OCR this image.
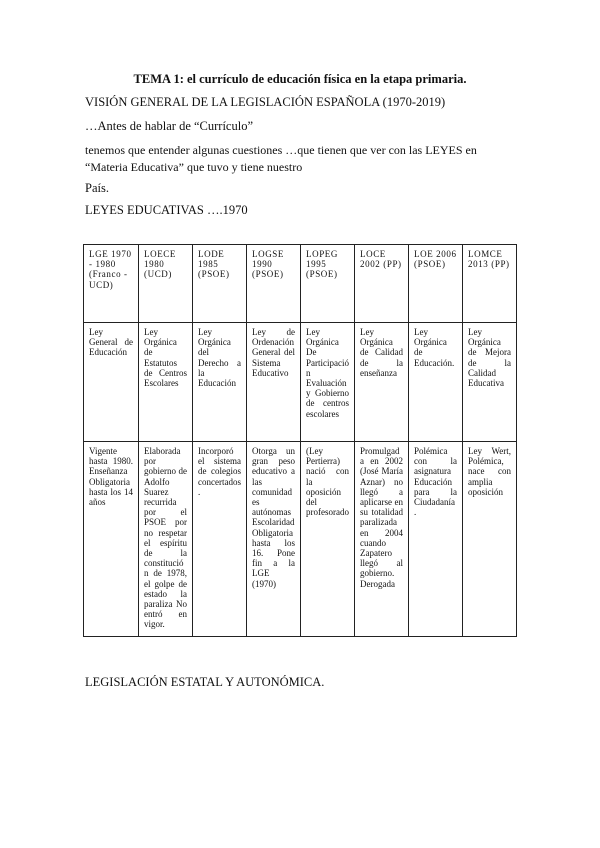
TEMA 1: el currículo de educación física en la etapa primaria.
VISIÓN GENERAL DE LA LEGISLACIÓN ESPAÑOLA (1970-2019)
…Antes de hablar de “Currículo”
tenemos que entender algunas cuestiones …que tienen que ver con las LEYES en “Materia Educativa” que tuvo y tiene nuestro
País.
LEYES EDUCATIVAS ….1970
LGE 1970 - 1980 (Franco - UCD)	LOECE 1980 (UCD)	LODE 1985 (PSOE)	LOGSE 1990 (PSOE)	LOPEG 1995 (PSOE)	LOCE 2002 (PP)	LOE 2006 (PSOE)	LOMCE 2013 (PP)
Ley General de Educación	Ley Orgánica de Estatutos de Centros Escolares	Ley Orgánica del Derecho a la Educación	Ley de Ordenación General del Sistema Educativo	Ley Orgánica De Participación Evaluación y Gobierno de centros escolares	Ley Orgánica de Calidad de la enseñanza	Ley Orgánica de Educación.	Ley Orgánica de Mejora de la Calidad Educativa
Vigente hasta 1980. Enseñanza Obligatoria hasta los 14 años	Elaborada por gobierno de Adolfo Suarez recurrida por el PSOE por no respetar el espíritu de la constitución de 1978, el golpe de estado la paraliza No entró en vigor.	Incorporó el sistema de colegios concertados.	Otorga un gran peso educativo a las comunidades autónomas Escolaridad Obligatoria hasta los 16. Pone fin a la LGE (1970)	(Ley Pertierra) nació con la oposición del profesorado	Promulgada en 2002 (José María Aznar) no llegó a aplicarse en su totalidad paralizada en 2004 cuando Zapatero llegó al gobierno. Derogada	Polémica con la asignatura Educación para la Ciudadanía.	Ley Wert, Polémica, nace con amplia oposición
LEGISLACIÓN ESTATAL Y AUTONÓMICA.
